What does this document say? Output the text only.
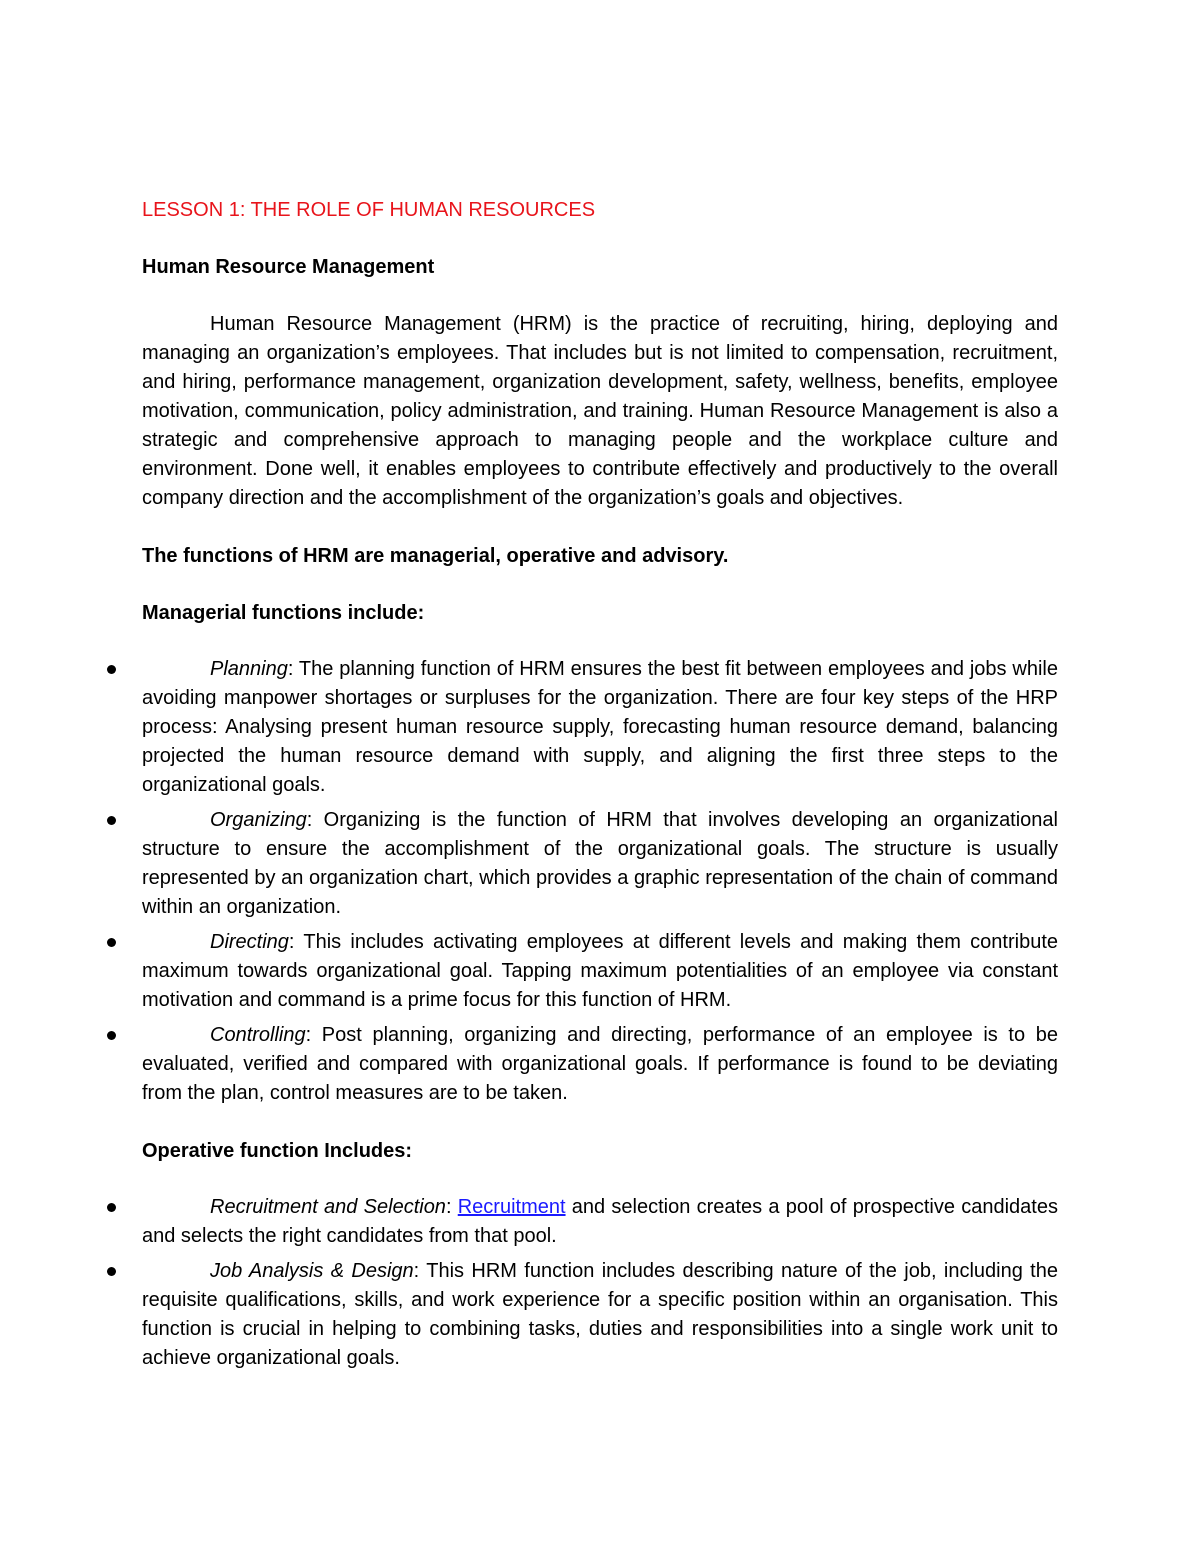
LESSON 1: THE ROLE OF HUMAN RESOURCES
Human Resource Management

Human Resource Management (HRM) is the practice of recruiting, hiring, deploying and managing an organization’s employees. That includes but is not limited to compensation, recruitment, and hiring, performance management, organization development, safety, wellness, benefits, employee motivation, communication, policy administration, and training. Human Resource Management is also a strategic and comprehensive approach to managing people and the workplace culture and environment. Done well, it enables employees to contribute effectively and productively to the overall company direction and the accomplishment of the organization’s goals and objectives.

The functions of HRM are managerial, operative and advisory.
Managerial functions include:
Planning: The planning function of HRM ensures the best fit between employees and jobs while avoiding manpower shortages or surpluses for the organization. There are four key steps of the HRP process: Analysing present human resource supply, forecasting human resource demand, balancing projected the human resource demand with supply, and aligning the first three steps to the organizational goals.
Organizing: Organizing is the function of HRM that involves developing an organizational structure to ensure the accomplishment of the organizational goals. The structure is usually represented by an organization chart, which provides a graphic representation of the chain of command within an organization.
Directing: This includes activating employees at different levels and making them contribute maximum towards organizational goal. Tapping maximum potentialities of an employee via constant motivation and command is a prime focus for this function of HRM.
Controlling: Post planning, organizing and directing, performance of an employee is to be evaluated, verified and compared with organizational goals. If performance is found to be deviating from the plan, control measures are to be taken.
Operative function Includes:
Recruitment and Selection: Recruitment and selection creates a pool of prospective candidates and selects the right candidates from that pool.
Job Analysis & Design: This HRM function includes describing nature of the job, including the requisite qualifications, skills, and work experience for a specific position within an organisation. This function is crucial in helping to combining tasks, duties and responsibilities into a single work unit to achieve organizational goals.
